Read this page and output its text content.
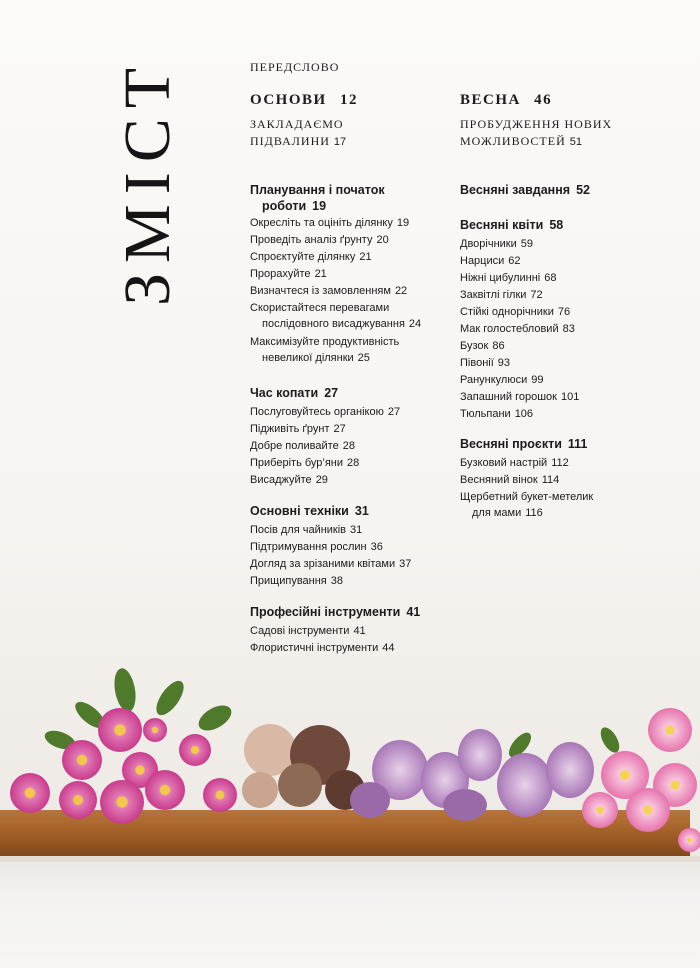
ЗМІСТ	ПЕРЕДСЛОВО
ОСНОВИ 12
ЗАКЛАДАЄМО
ПІДВАЛИНИ 17
ВЕСНА 46
ПРОБУДЖЕННЯ НОВИХ
МОЖЛИВОСТЕЙ 51
Планування і початок
роботи 19
Окресліть та оцініть ділянку 19
Проведіть аналіз ґрунту 20
Спроєктуйте ділянку 21
Прорахуйте 21
Визначтеся із замовленням 22
Скористайтеся перевагами
послідовного висаджування 24
Максимізуйте продуктивність
невеликої ділянки 25
Час копати 27
Послуговуйтесь органікою 27
Підживіть ґрунт 27
Добре поливайте 28
Приберіть бур’яни 28
Висаджуйте 29
Основні техніки 31
Посів для чайників 31
Підтримування рослин 36
Догляд за зрізаними квітами 37
Прищипування 38
Професійні інструменти 41
Садові інструменти 41
Флористичні інструменти 44
Весняні завдання 52
Весняні квіти 58
Дворічники 59
Нарциси 62
Ніжні цибулинні 68
Заквітлі гілки 72
Стійкі однорічники 76
Мак голостебловий 83
Бузок 86
Півонії 93
Ранункулюси 99
Запашний горошок 101
Тюльпани 106
Весняні проєкти 111
Бузковий настрій 112
Весняний вінок 114
Щербетний букет-метелик
для мами 116
